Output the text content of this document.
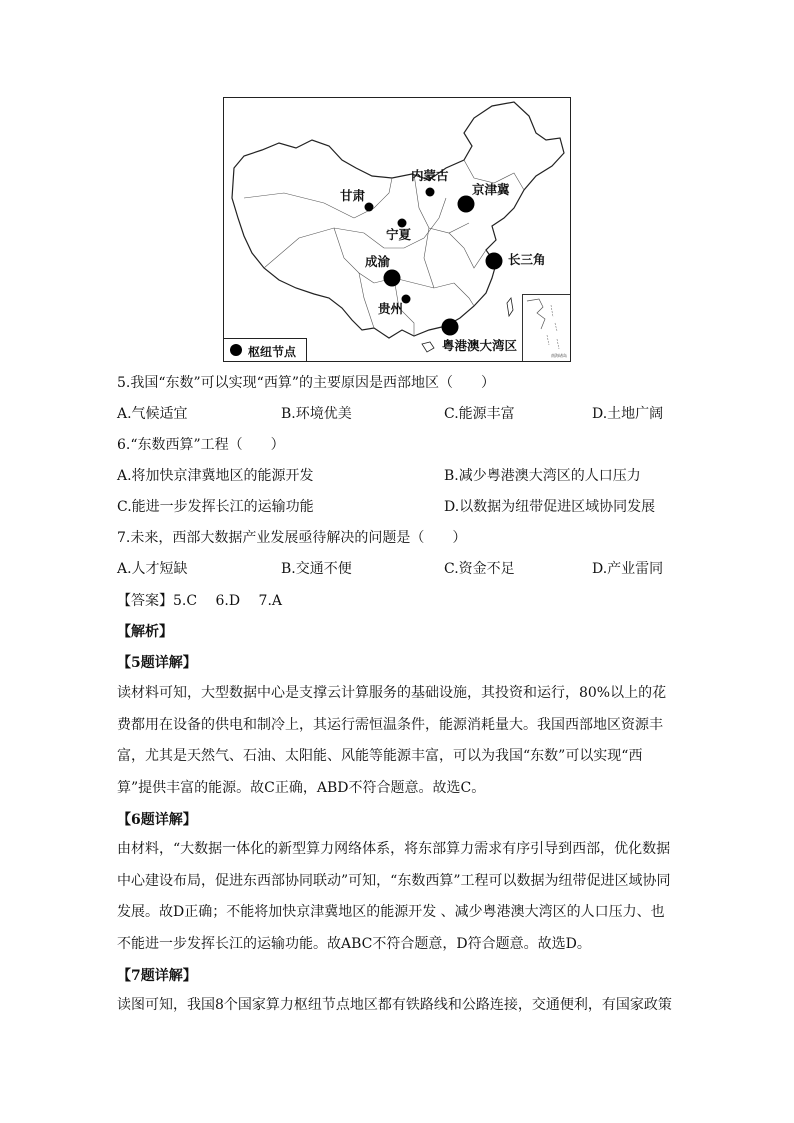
内蒙古
京津冀
甘肃
宁夏
长三角
成渝
贵州
粤港澳大湾区
枢纽节点	南海诸岛
5.我国“东数”可以实现“西算”的主要原因是西部地区（　　）
A.气候适宜	B.环境优美	C.能源丰富	D.土地广阔
6.“东数西算”工程（　　）
A.将加快京津冀地区的能源开发	B.减少粤港澳大湾区的人口压力
C.能进一步发挥长江的运输功能	D.以数据为纽带促进区域协同发展
7.未来，西部大数据产业发展亟待解决的问题是（　　）
A.人才短缺	B.交通不便	C.资金不足	D.产业雷同
【答案】5.C　 6.D　 7.A
【解析】
【5题详解】
读材料可知，大型数据中心是支撑云计算服务的基础设施，其投资和运行，80%以上的花费都用在设备的供电和制冷上，其运行需恒温条件，能源消耗量大。我国西部地区资源丰富，尤其是天然气、石油、太阳能、风能等能源丰富，可以为我国“东数”可以实现“西算”提供丰富的能源。故C正确，ABD不符合题意。故选C。
【6题详解】
由材料，“大数据一体化的新型算力网络体系，将东部算力需求有序引导到西部，优化数据中心建设布局，促进东西部协同联动”可知，“东数西算”工程可以数据为纽带促进区域协同发展。故D正确；不能将加快京津冀地区的能源开发 、减少粤港澳大湾区的人口压力、也不能进一步发挥长江的运输功能。故ABC不符合题意，D符合题意。故选D。
【7题详解】
读图可知，我国8个国家算力枢纽节点地区都有铁路线和公路连接，交通便利，有国家政策
